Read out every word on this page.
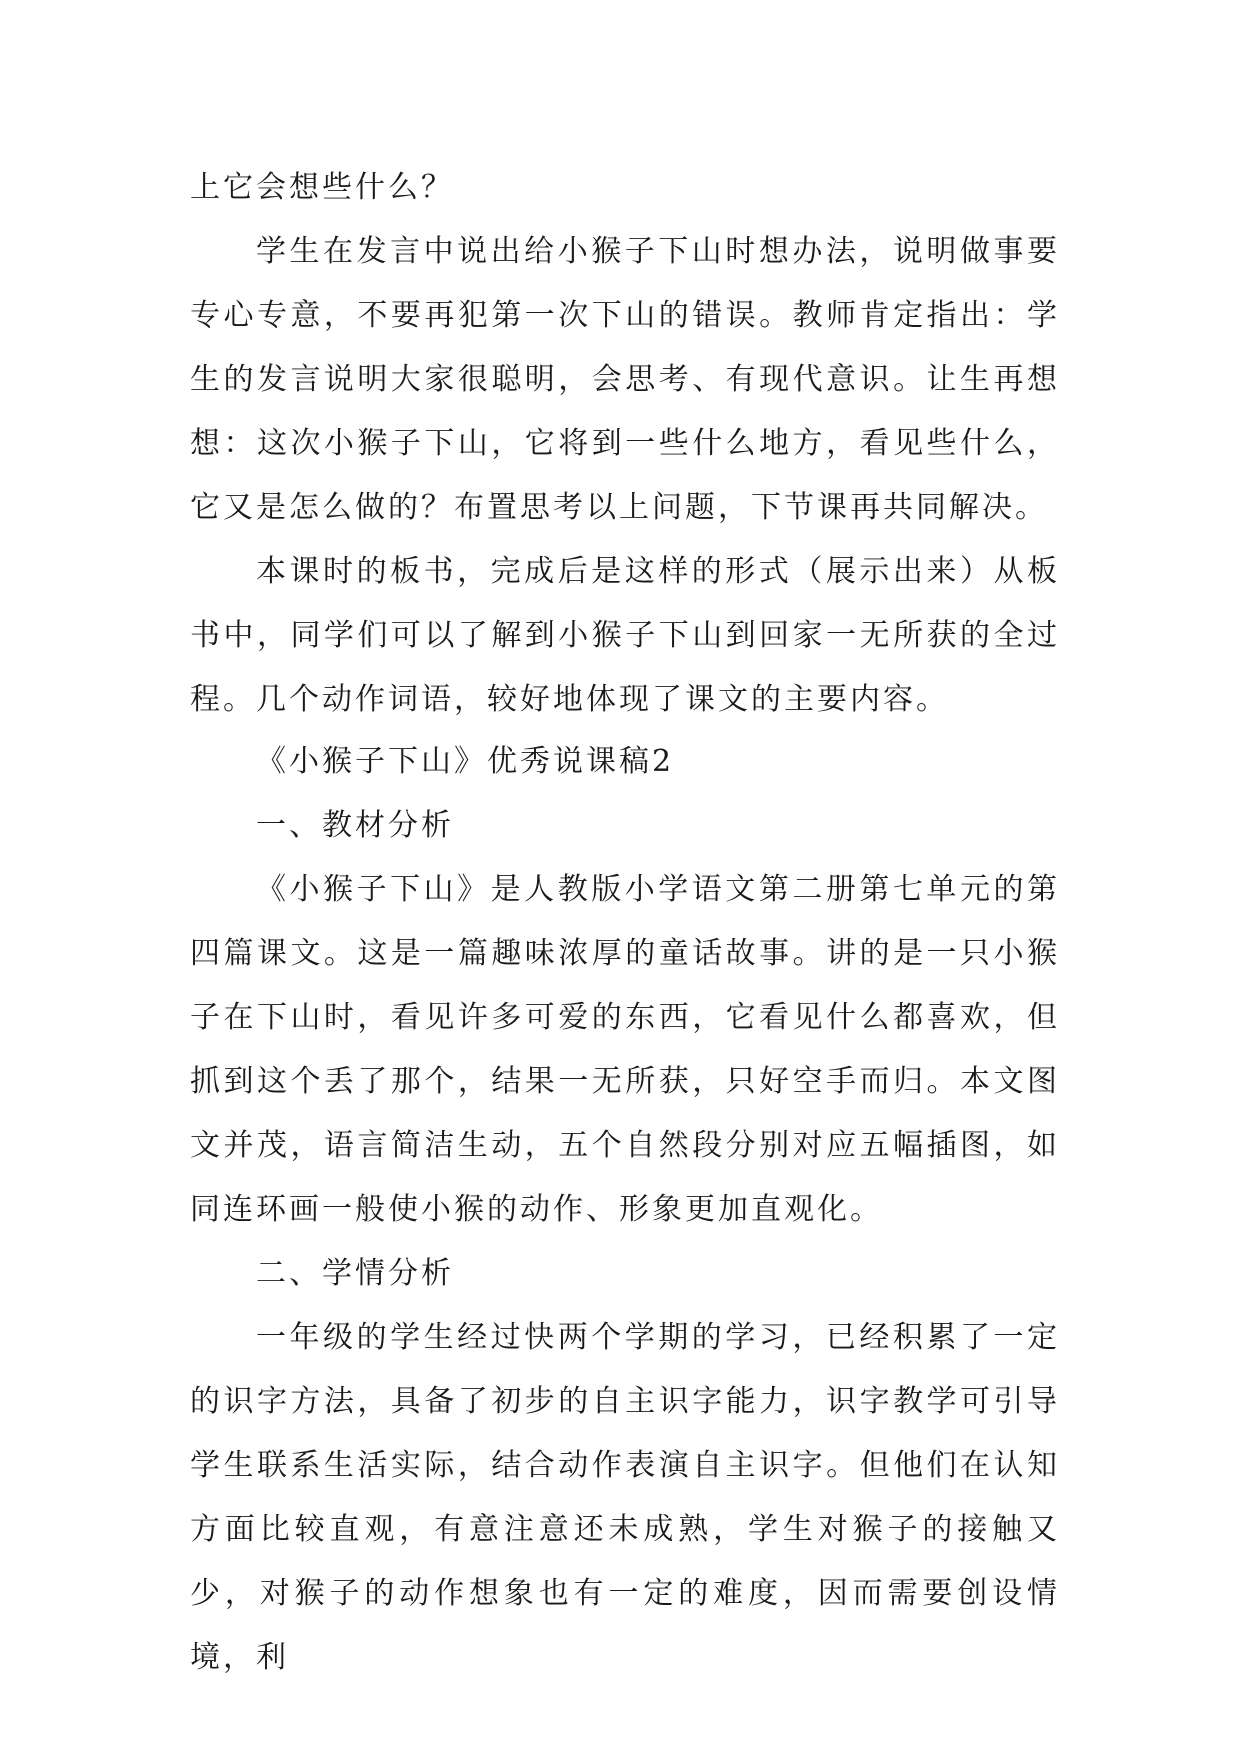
上它会想些什么？

学生在发言中说出给小猴子下山时想办法，说明做事要专心专意，不要再犯第一次下山的错误。教师肯定指出：学生的发言说明大家很聪明，会思考、有现代意识。让生再想想：这次小猴子下山，它将到一些什么地方，看见些什么，它又是怎么做的？布置思考以上问题，下节课再共同解决。

本课时的板书，完成后是这样的形式（展示出来）从板书中，同学们可以了解到小猴子下山到回家一无所获的全过程。几个动作词语，较好地体现了课文的主要内容。

《小猴子下山》优秀说课稿2

一、教材分析

《小猴子下山》是人教版小学语文第二册第七单元的第四篇课文。这是一篇趣味浓厚的童话故事。讲的是一只小猴子在下山时，看见许多可爱的东西，它看见什么都喜欢，但抓到这个丢了那个，结果一无所获，只好空手而归。本文图文并茂，语言简洁生动，五个自然段分别对应五幅插图，如同连环画一般使小猴的动作、形象更加直观化。

二、学情分析

一年级的学生经过快两个学期的学习，已经积累了一定的识字方法，具备了初步的自主识字能力，识字教学可引导学生联系生活实际，结合动作表演自主识字。但他们在认知方面比较直观，有意注意还未成熟，学生对猴子的接触又少，对猴子的动作想象也有一定的难度，因而需要创设情境，利
